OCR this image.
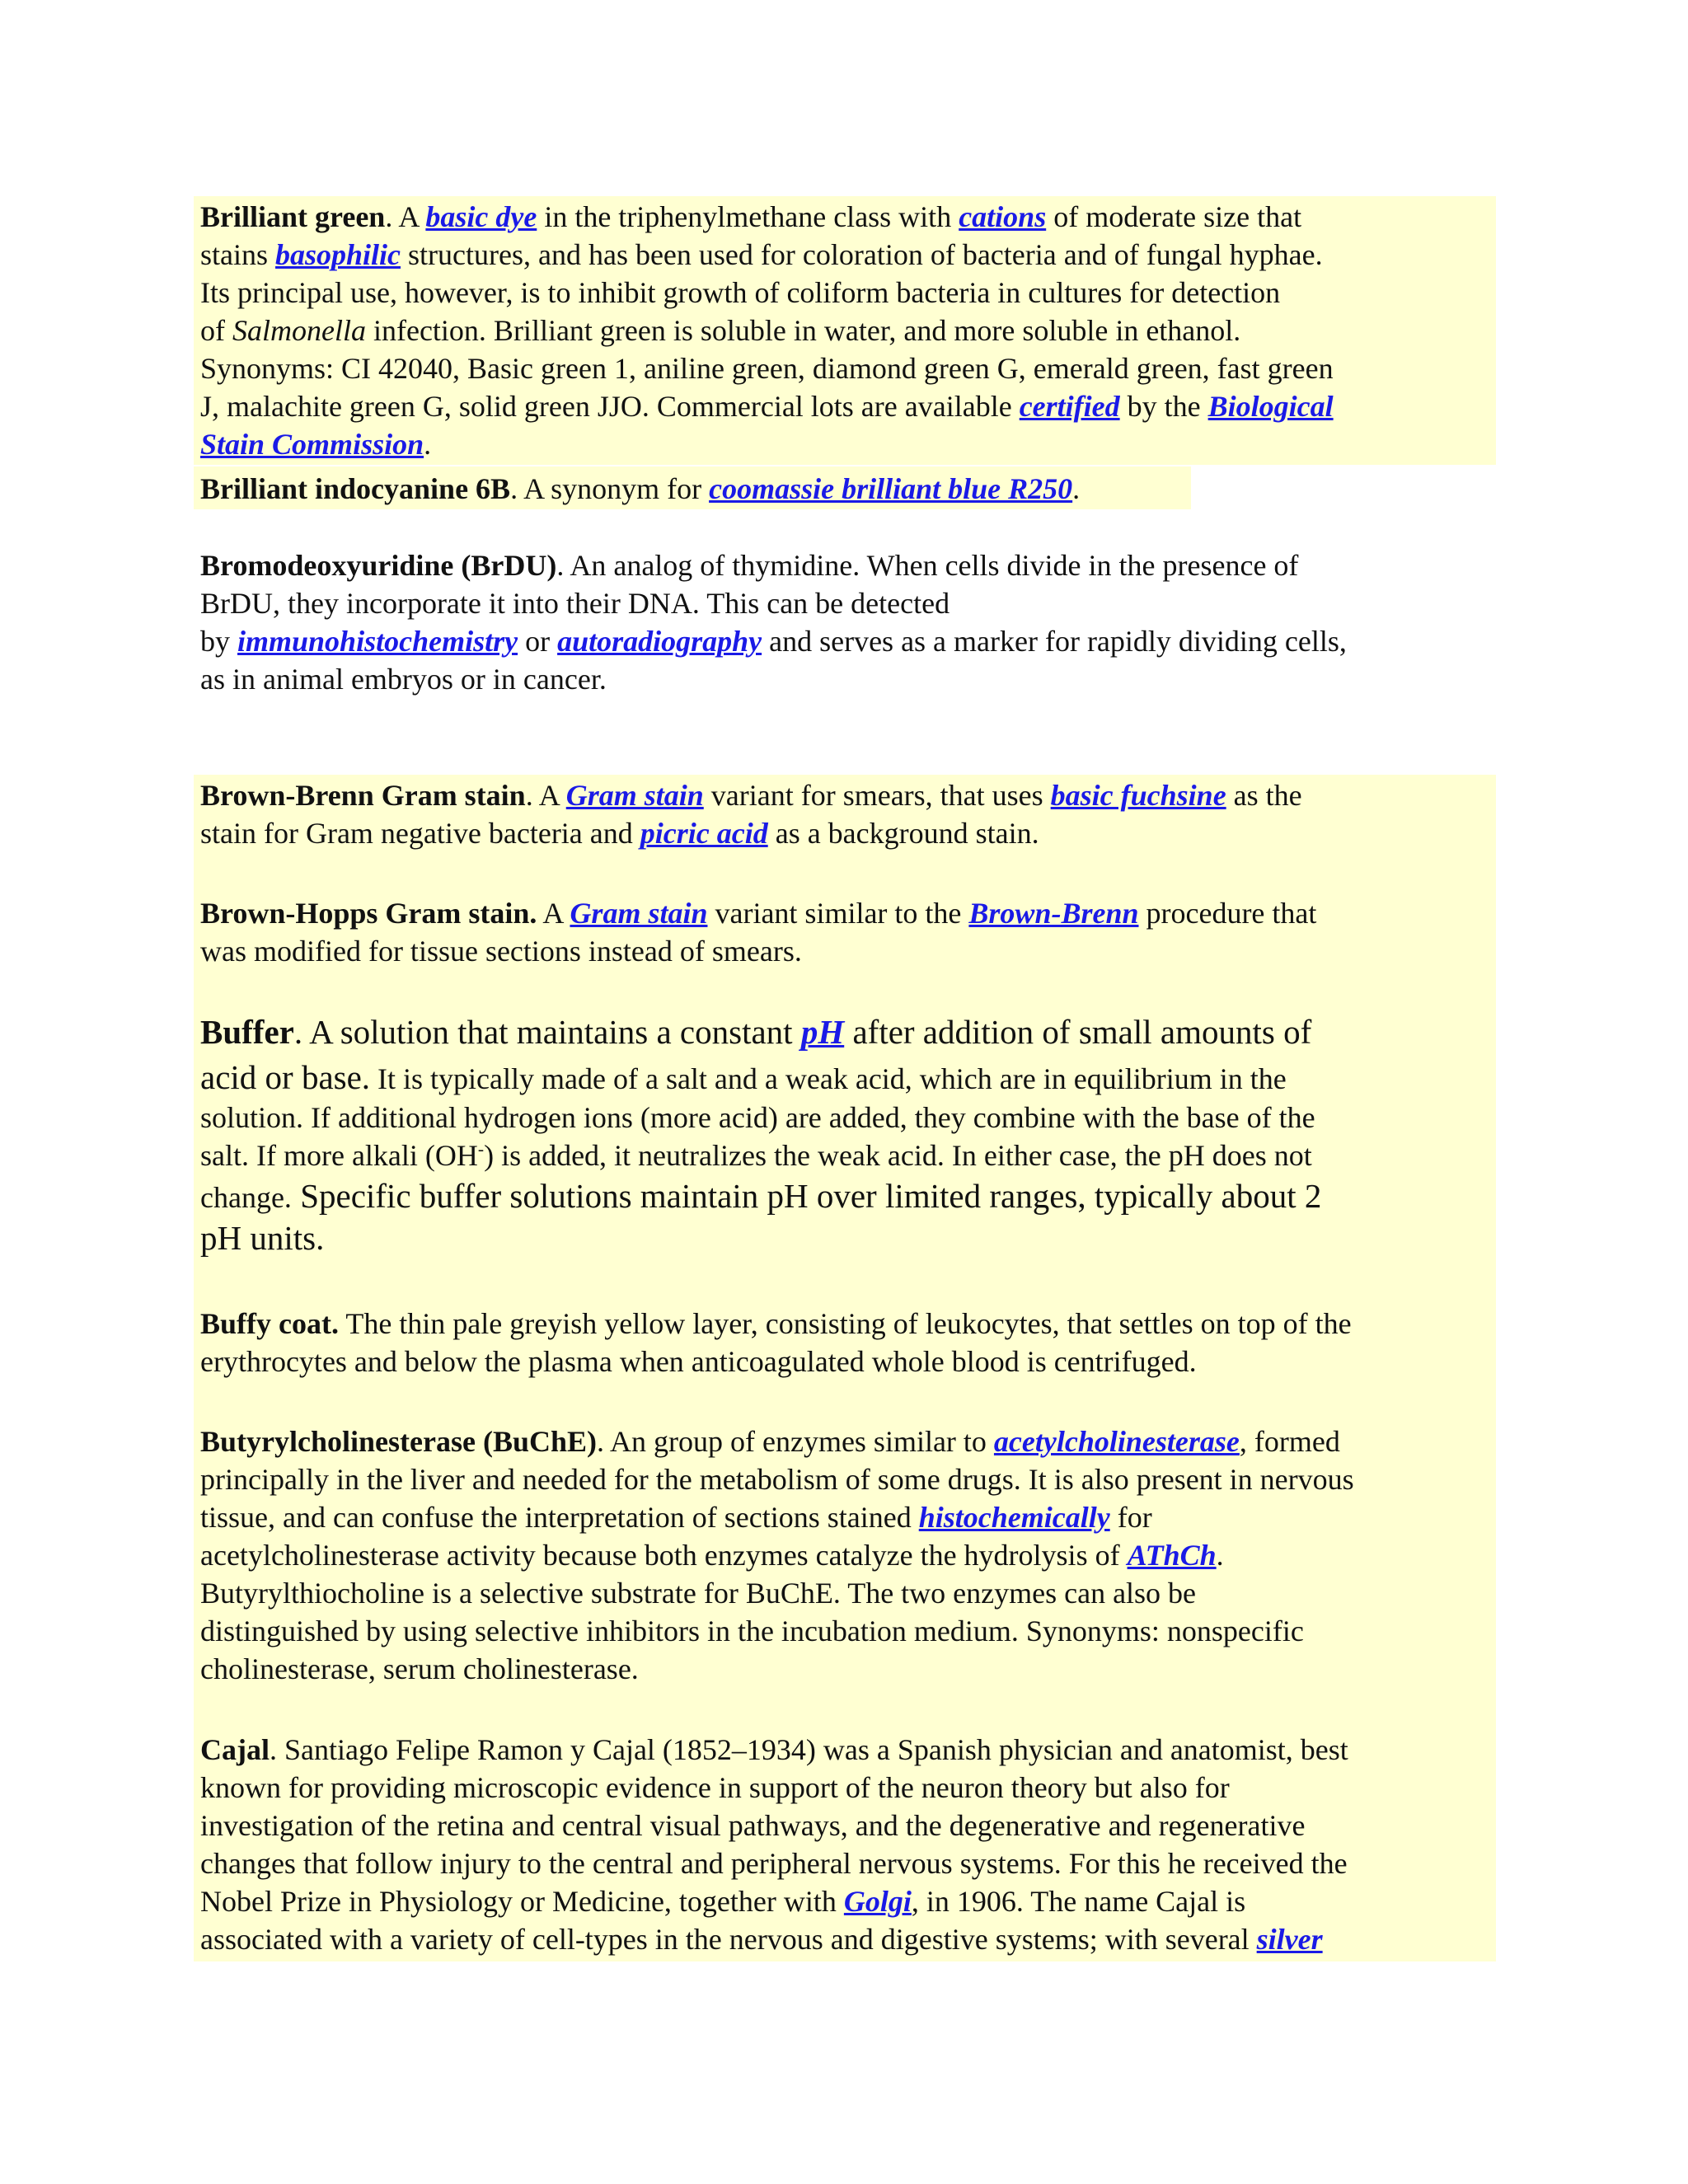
Brilliant green. A basic dye in the triphenylmethane class with cations of moderate size that
stains basophilic structures, and has been used for coloration of bacteria and of fungal hyphae.
Its principal use, however, is to inhibit growth of coliform bacteria in cultures for detection
of Salmonella infection. Brilliant green is soluble in water, and more soluble in ethanol.
Synonyms: CI 42040, Basic green 1, aniline green, diamond green G, emerald green, fast green
J, malachite green G, solid green JJO. Commercial lots are available certified by the Biological
Stain Commission.
Brilliant indocyanine 6B. A synonym for coomassie brilliant blue R250.
Bromodeoxyuridine (BrDU). An analog of thymidine. When cells divide in the presence of
BrDU, they incorporate it into their DNA. This can be detected
by immunohistochemistry or autoradiography and serves as a marker for rapidly dividing cells,
as in animal embryos or in cancer.
Brown-Brenn Gram stain. A Gram stain variant for smears, that uses basic fuchsine as the
stain for Gram negative bacteria and picric acid as a background stain.
Brown-Hopps Gram stain. A Gram stain variant similar to the Brown-Brenn procedure that
was modified for tissue sections instead of smears.
Buffer. A solution that maintains a constant pH after addition of small amounts of
acid or base. It is typically made of a salt and a weak acid, which are in equilibrium in the
solution. If additional hydrogen ions (more acid) are added, they combine with the base of the
salt. If more alkali (OH-) is added, it neutralizes the weak acid. In either case, the pH does not
change. Specific buffer solutions maintain pH over limited ranges, typically about 2
pH units.
Buffy coat. The thin pale greyish yellow layer, consisting of leukocytes, that settles on top of the
erythrocytes and below the plasma when anticoagulated whole blood is centrifuged.
Butyrylcholinesterase (BuChE). An group of enzymes similar to acetylcholinesterase, formed
principally in the liver and needed for the metabolism of some drugs. It is also present in nervous
tissue, and can confuse the interpretation of sections stained histochemically for
acetylcholinesterase activity because both enzymes catalyze the hydrolysis of AThCh.
Butyrylthiocholine is a selective substrate for BuChE. The two enzymes can also be
distinguished by using selective inhibitors in the incubation medium. Synonyms: nonspecific
cholinesterase, serum cholinesterase.
Cajal. Santiago Felipe Ramon y Cajal (1852–1934) was a Spanish physician and anatomist, best
known for providing microscopic evidence in support of the neuron theory but also for
investigation of the retina and central visual pathways, and the degenerative and regenerative
changes that follow injury to the central and peripheral nervous systems. For this he received the
Nobel Prize in Physiology or Medicine, together with Golgi, in 1906. The name Cajal is
associated with a variety of cell-types in the nervous and digestive systems; with several silver
